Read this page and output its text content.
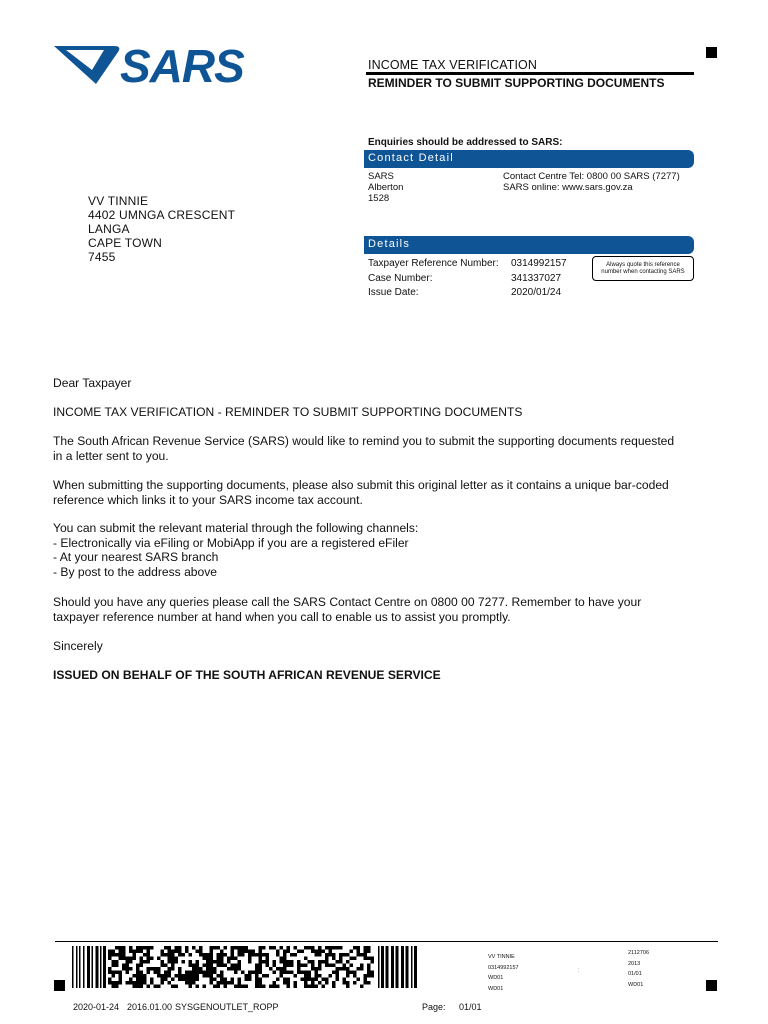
SARS	INCOME TAX VERIFICATION
REMINDER TO SUBMIT SUPPORTING DOCUMENTS
Enquiries should be addressed to SARS:
Contact Detail
SARS
Alberton
1528
Contact Centre Tel: 0800 00 SARS (7277)
SARS online: www.sars.gov.za
VV TINNIE
4402 UMNGA CRESCENT
LANGA
CAPE TOWN
7455
Details
Taxpayer Reference Number:
Case Number:
Issue Date:
0314992157
341337027
2020/01/24
Always quote this reference
number when contacting SARS
Dear Taxpayer
INCOME TAX VERIFICATION - REMINDER TO SUBMIT SUPPORTING DOCUMENTS
The South African Revenue Service (SARS) would like to remind you to submit the supporting documents requested
in a letter sent to you.
When submitting the supporting documents, please also submit this original letter as it contains a unique bar-coded
reference which links it to your SARS income tax account.
You can submit the relevant material through the following channels:
- Electronically via eFiling or MobiApp if you are a registered eFiler
- At your nearest SARS branch
- By post to the address above
Should you have any queries please call the SARS Contact Centre on 0800 00 7277. Remember to have your
taxpayer reference number at hand when you call to enable us to assist you promptly.
Sincerely
ISSUED ON BEHALF OF THE SOUTH AFRICAN REVENUE SERVICE
VV TINNIE
0314992157
WD01
WD01
2112706
2013
01/01
WD01
:
2020-01-24 2016.01.00 SYSGENOUTLET_ROPP	Page: 01/01
